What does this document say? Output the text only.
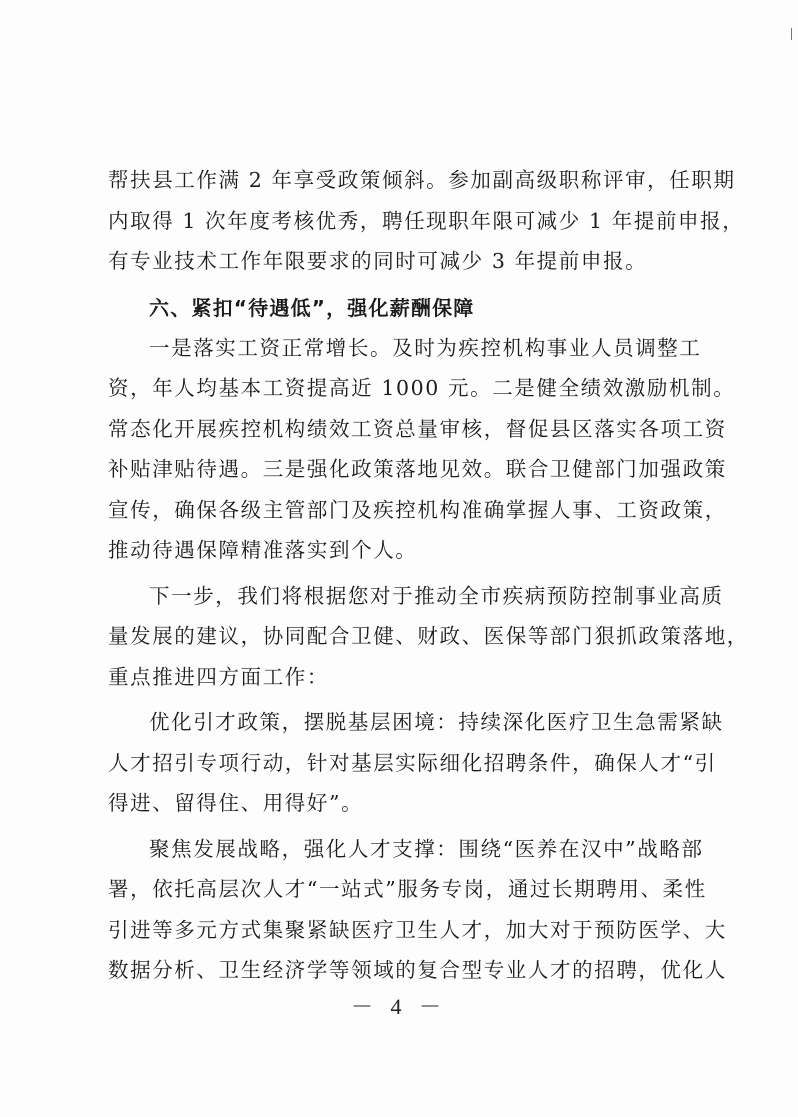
帮扶县工作满 2 年享受政策倾斜。参加副高级职称评审，任职期
内取得 1 次年度考核优秀，聘任现职年限可减少 1 年提前申报，
有专业技术工作年限要求的同时可减少 3 年提前申报。

六、紧扣“待遇低”，强化薪酬保障

一是落实工资正常增长。及时为疾控机构事业人员调整工
资，年人均基本工资提高近 1000 元。二是健全绩效激励机制。
常态化开展疾控机构绩效工资总量审核，督促县区落实各项工资
补贴津贴待遇。三是强化政策落地见效。联合卫健部门加强政策
宣传，确保各级主管部门及疾控机构准确掌握人事、工资政策，
推动待遇保障精准落实到个人。

下一步，我们将根据您对于推动全市疾病预防控制事业高质
量发展的建议，协同配合卫健、财政、医保等部门狠抓政策落地，
重点推进四方面工作：

优化引才政策，摆脱基层困境：持续深化医疗卫生急需紧缺
人才招引专项行动，针对基层实际细化招聘条件，确保人才“引
得进、留得住、用得好”。

聚焦发展战略，强化人才支撑：围绕“医养在汉中”战略部
署，依托高层次人才“一站式”服务专岗，通过长期聘用、柔性
引进等多元方式集聚紧缺医疗卫生人才，加大对于预防医学、大
数据分析、卫生经济学等领域的复合型专业人才的招聘，优化人

－ 4 －
